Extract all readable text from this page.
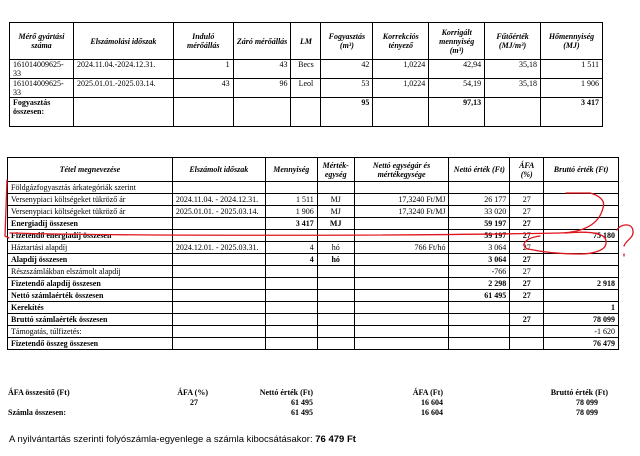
Mérő gyártási száma	Elszámolási időszak	Induló mérőállás	Záró mérőállás	LM	Fogyasztás (m³)	Korrekciós tényező	Korrigált mennyiség (m³)	Fűtőérték (MJ/m³)	Hőmennyiség (MJ)
161014009625-33	2024.11.04.-2024.12.31.	1	43	Becs	42	1,0224	42,94	35,18	1 511
161014009625-33	2025.01.01.-2025.03.14.	43	96	Leol	53	1,0224	54,19	35,18	1 906
Fogyasztás összesen:					95		97,13		3 417
Tétel megnevezése	Elszámolt időszak	Mennyiség	Mérték-egység	Nettó egységár és mértékegysége	Nettó érték (Ft)	ÁFA (%)	Bruttó érték (Ft)
Földgázfogyasztás árkategóriák szerint							
Versenypiaci költségeket tükröző ár	2024.11.04. - 2024.12.31.	1 511	MJ	17,3240 Ft/MJ	26 177	27	
Versenypiaci költségeket tükröző ár	2025.01.01. - 2025.03.14.	1 906	MJ	17,3240 Ft/MJ	33 020	27	
Energiadíj összesen		3 417	MJ		59 197	27	
Fizetendő energiadíj összesen					59 197	27	75 180
Háztartási alapdíj	2024.12.01. - 2025.03.31.	4	hó	766 Ft/hó	3 064	27	
Alapdíj összesen		4	hó		3 064	27	
Részszámlákban elszámolt alapdíj					-766	27	
Fizetendő alapdíj összesen					2 298	27	2 918
Nettó számlaérték összesen					61 495	27	
Kerekítés							1
Bruttó számlaérték összesen						27	78 099
Támogatás, túlfizetés:							-1 620
Fizetendő összeg összesen							76 479
ÁFA összesítő (Ft)	ÁFA (%)	Nettó érték (Ft)	ÁFA (Ft)	Bruttó érték (Ft)
	27	61 495	16 604	78 099
Számla összesen:		61 495	16 604	78 099
A nyilvántartás szerinti folyószámla-egyenlege a számla kibocsátásakor: 76 479 Ft
